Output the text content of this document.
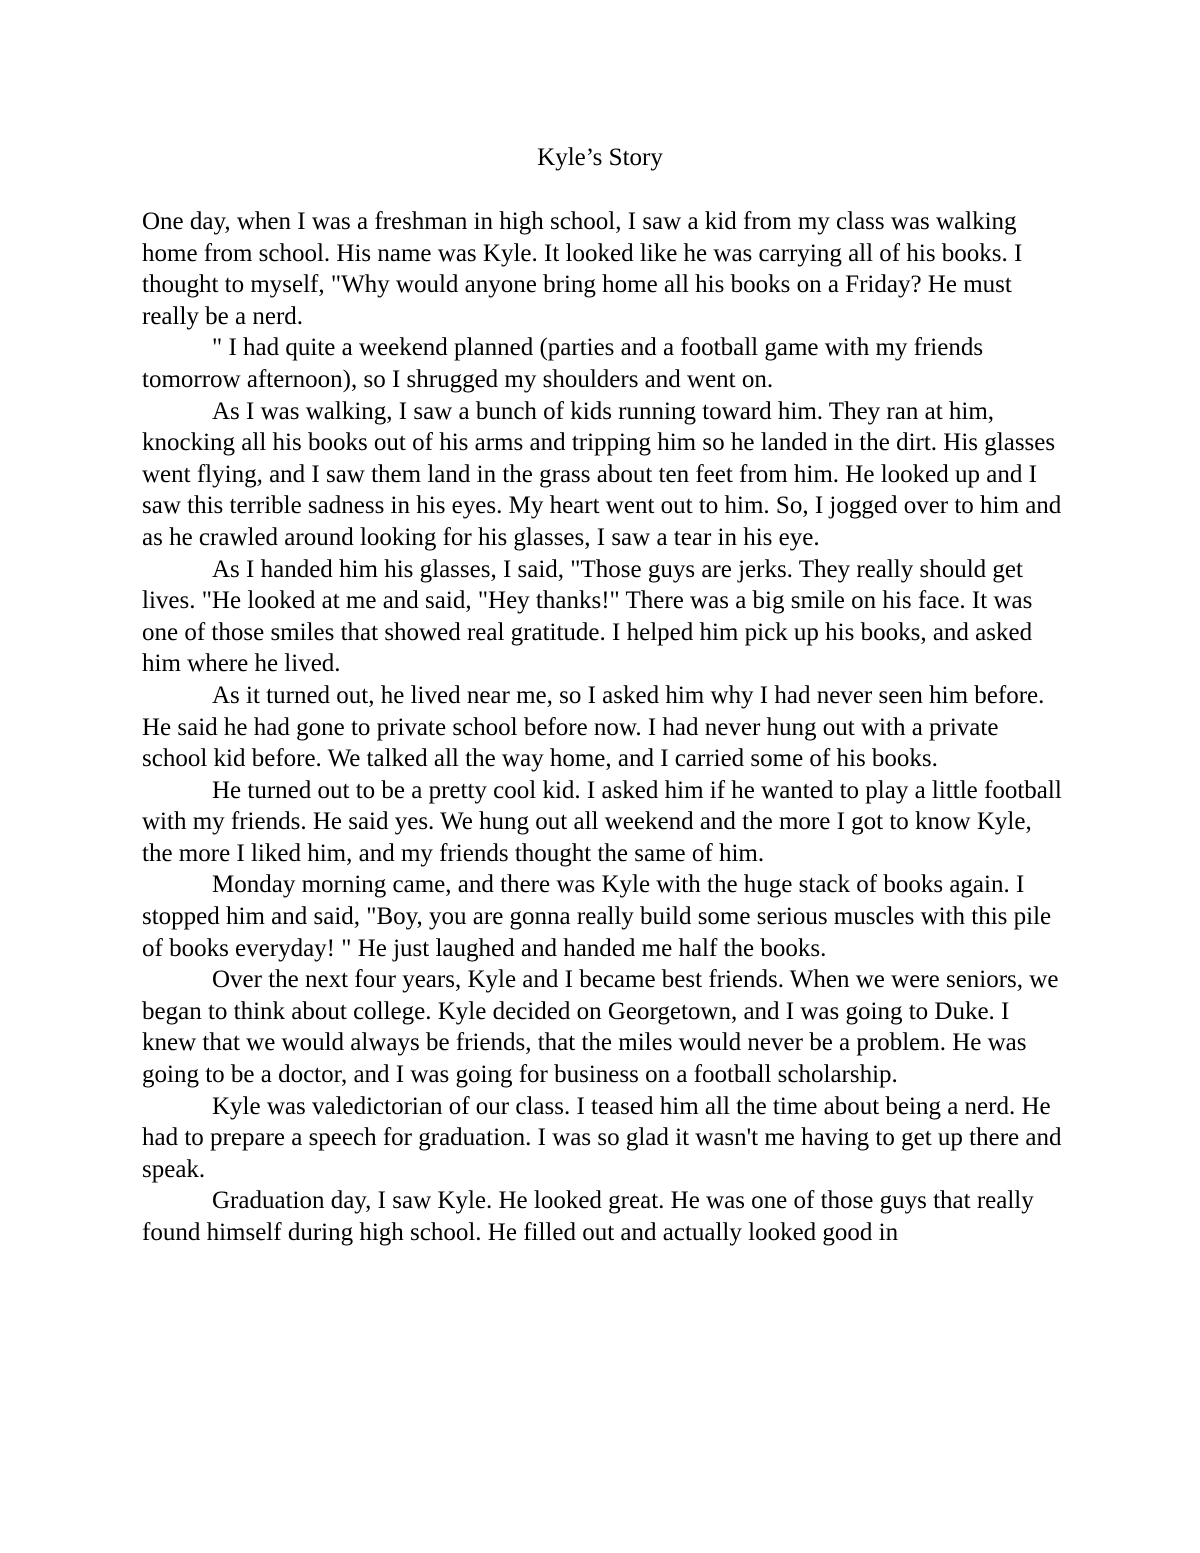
Kyle’s Story

One day, when I was a freshman in high school, I saw a kid from my class was walking home from school. His name was Kyle. It looked like he was carrying all of his books. I thought to myself, "Why would anyone bring home all his books on a Friday? He must really be a nerd.

" I had quite a weekend planned (parties and a football game with my friends tomorrow afternoon), so I shrugged my shoulders and went on.

As I was walking, I saw a bunch of kids running toward him. They ran at him, knocking all his books out of his arms and tripping him so he landed in the dirt. His glasses went flying, and I saw them land in the grass about ten feet from him. He looked up and I saw this terrible sadness in his eyes. My heart went out to him. So, I jogged over to him and as he crawled around looking for his glasses, I saw a tear in his eye.

As I handed him his glasses, I said, "Those guys are jerks. They really should get lives. "He looked at me and said, "Hey thanks!" There was a big smile on his face. It was one of those smiles that showed real gratitude. I helped him pick up his books, and asked him where he lived.

As it turned out, he lived near me, so I asked him why I had never seen him before. He said he had gone to private school before now. I had never hung out with a private school kid before. We talked all the way home, and I carried some of his books.

He turned out to be a pretty cool kid. I asked him if he wanted to play a little football with my friends. He said yes. We hung out all weekend and the more I got to know Kyle, the more I liked him, and my friends thought the same of him.

Monday morning came, and there was Kyle with the huge stack of books again. I stopped him and said, "Boy, you are gonna really build some serious muscles with this pile of books everyday! " He just laughed and handed me half the books.

Over the next four years, Kyle and I became best friends. When we were seniors, we began to think about college. Kyle decided on Georgetown, and I was going to Duke. I knew that we would always be friends, that the miles would never be a problem. He was going to be a doctor, and I was going for business on a football scholarship.

Kyle was valedictorian of our class. I teased him all the time about being a nerd. He had to prepare a speech for graduation. I was so glad it wasn't me having to get up there and speak.

Graduation day, I saw Kyle. He looked great. He was one of those guys that really found himself during high school. He filled out and actually looked good in
